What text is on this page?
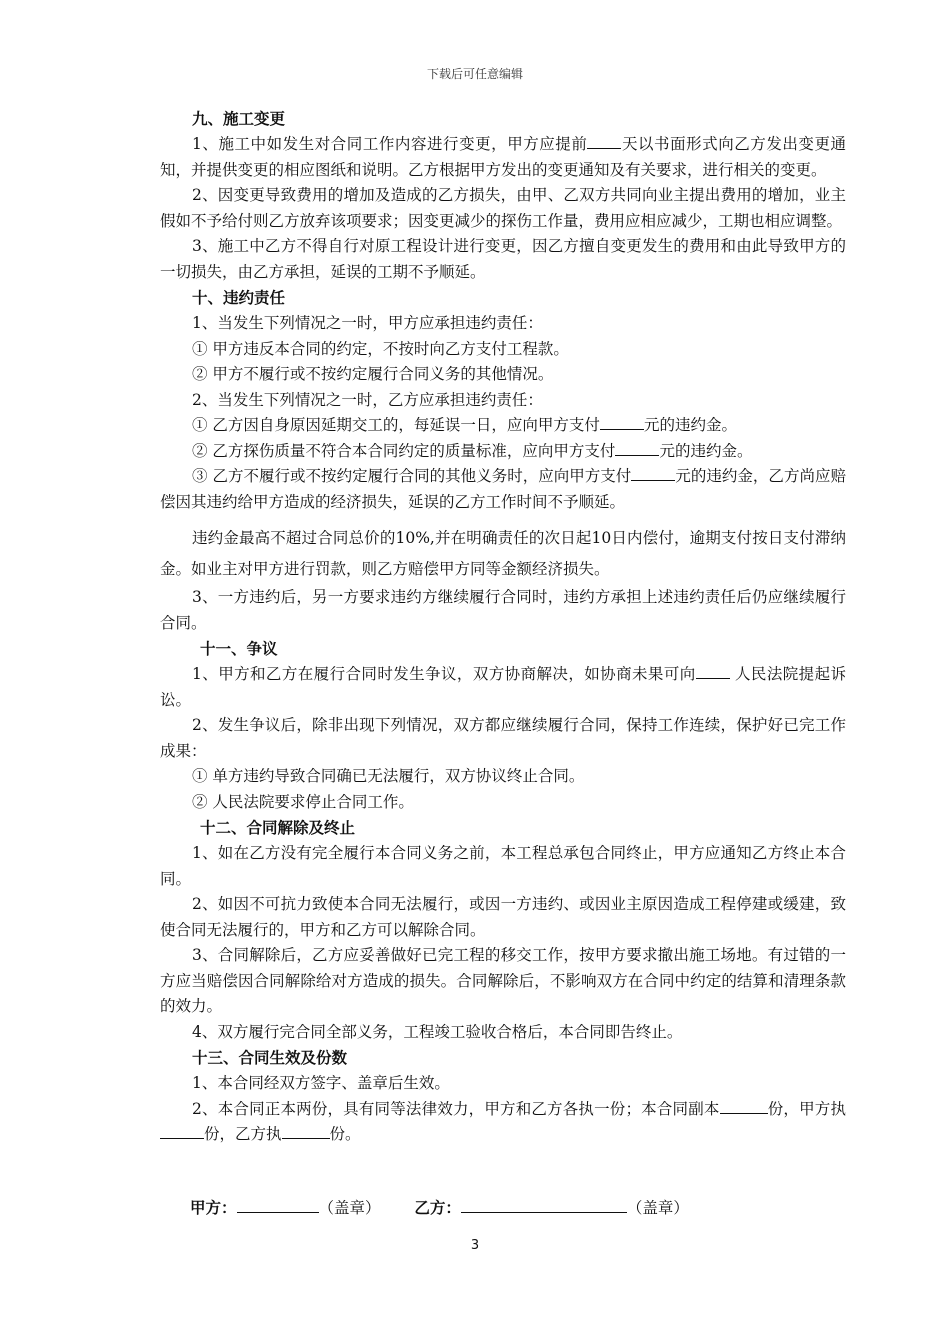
下载后可任意编辑

九、施工变更

1、施工中如发生对合同工作内容进行变更，甲方应提前 天以书面形式向乙方发出变更通知，并提供变更的相应图纸和说明。乙方根据甲方发出的变更通知及有关要求，进行相关的变更。

2、因变更导致费用的增加及造成的乙方损失，由甲、乙双方共同向业主提出费用的增加，业主假如不予给付则乙方放弃该项要求；因变更减少的探伤工作量，费用应相应减少，工期也相应调整。

3、施工中乙方不得自行对原工程设计进行变更，因乙方擅自变更发生的费用和由此导致甲方的一切损失，由乙方承担，延误的工期不予顺延。

十、违约责任

1、当发生下列情况之一时，甲方应承担违约责任：

① 甲方违反本合同的约定，不按时向乙方支付工程款。

② 甲方不履行或不按约定履行合同义务的其他情况。

2、当发生下列情况之一时，乙方应承担违约责任：

① 乙方因自身原因延期交工的，每延误一日，应向甲方支付	元的违约金。

② 乙方探伤质量不符合本合同约定的质量标准，应向甲方支付	元的违约金。

③ 乙方不履行或不按约定履行合同的其他义务时，应向甲方支付	元的违约金，乙方尚应赔偿因其违约给甲方造成的经济损失，延误的乙方工作时间不予顺延。

违约金最高不超过合同总价的10%,并在明确责任的次日起10日内偿付，逾期支付按日支付滞纳金。如业主对甲方进行罚款，则乙方赔偿甲方同等金额经济损失。

3、一方违约后，另一方要求违约方继续履行合同时，违约方承担上述违约责任后仍应继续履行合同。

十一、争议

1、甲方和乙方在履行合同时发生争议，双方协商解决，如协商未果可向 人民法院提起诉讼。

2、发生争议后，除非出现下列情况，双方都应继续履行合同，保持工作连续，保护好已完工作成果：

① 单方违约导致合同确已无法履行，双方协议终止合同。

② 人民法院要求停止合同工作。

十二、合同解除及终止

1、如在乙方没有完全履行本合同义务之前，本工程总承包合同终止，甲方应通知乙方终止本合同。

2、如因不可抗力致使本合同无法履行，或因一方违约、或因业主原因造成工程停建或缓建，致使合同无法履行的，甲方和乙方可以解除合同。

3、合同解除后，乙方应妥善做好已完工程的移交工作，按甲方要求撤出施工场地。有过错的一方应当赔偿因合同解除给对方造成的损失。合同解除后，不影响双方在合同中约定的结算和清理条款的效力。

4、双方履行完合同全部义务，工程竣工验收合格后，本合同即告终止。

十三、合同生效及份数

1、本合同经双方签字、盖章后生效。

2、本合同正本两份，具有同等法律效力，甲方和乙方各执一份；本合同副本	份，甲方执份，乙方执	份。

甲方：	（盖章） 乙方：	（盖章）
3
